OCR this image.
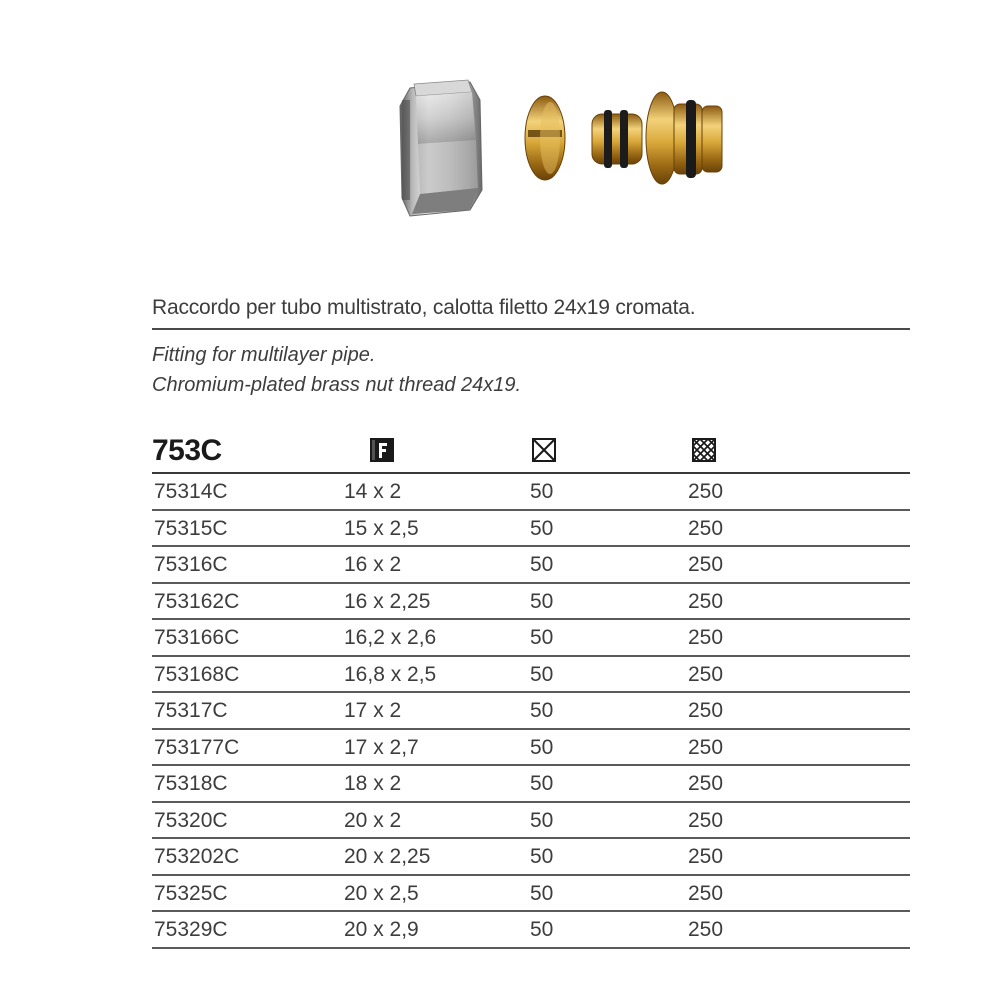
Raccordo per tubo multistrato, calotta filetto 24x19 cromata.
Fitting for multilayer pipe.
Chromium-plated brass nut thread 24x19.
753C
75314C	14 x 2	50	250
75315C	15 x 2,5	50	250
75316C	16 x 2	50	250
753162C	16 x 2,25	50	250
753166C	16,2 x 2,6	50	250
753168C	16,8 x 2,5	50	250
75317C	17 x 2	50	250
753177C	17 x 2,7	50	250
75318C	18 x 2	50	250
75320C	20 x 2	50	250
753202C	20 x 2,25	50	250
75325C	20 x 2,5	50	250
75329C	20 x 2,9	50	250
